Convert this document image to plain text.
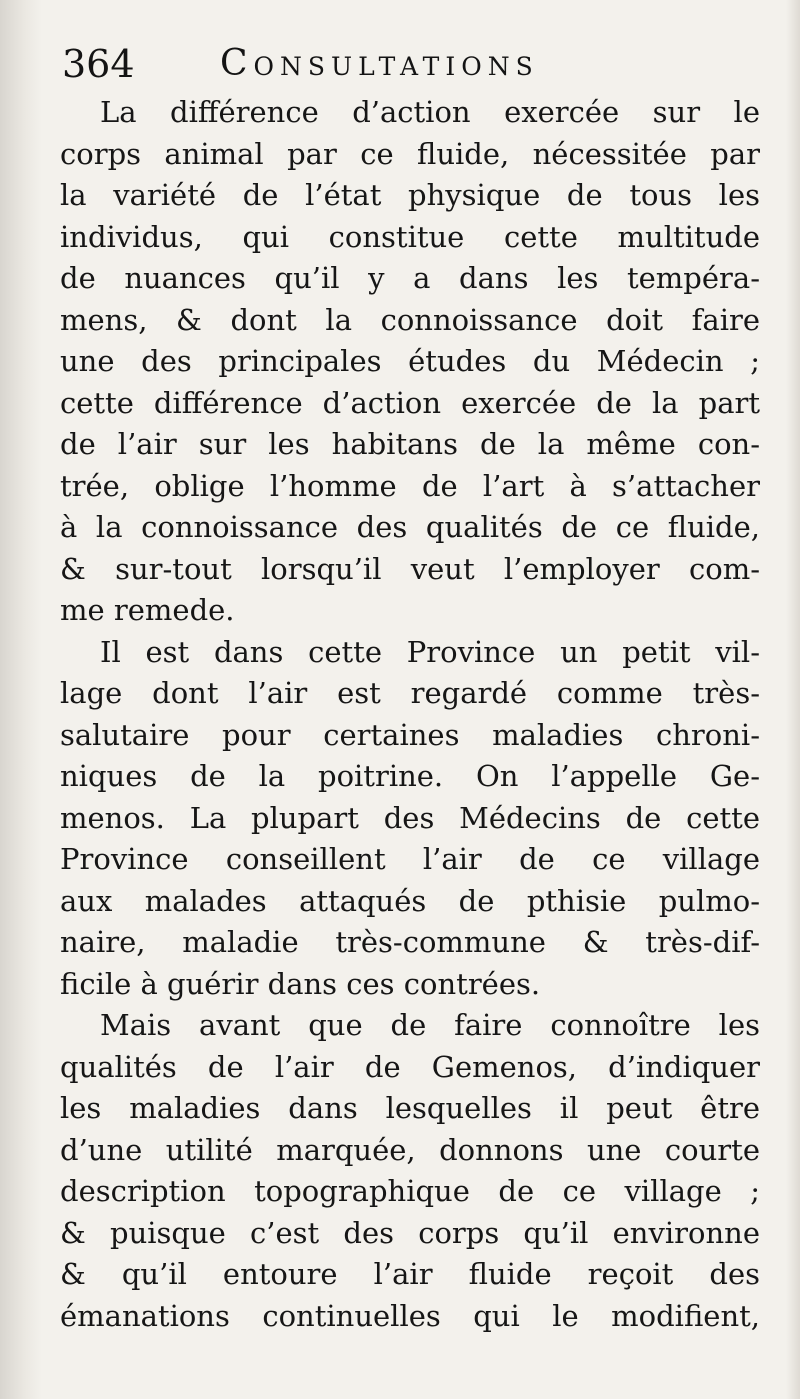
364 Consultations
La différence d’action exercée sur le
corps animal par ce fluide, nécessitée par
la variété de l’état physique de tous les
individus, qui constitue cette multitude
de nuances qu’il y a dans les tempéra-
mens, & dont la connoissance doit faire
une des principales études du Médecin ;
cette différence d’action exercée de la part
de l’air sur les habitans de la même con-
trée, oblige l’homme de l’art à s’attacher
à la connoissance des qualités de ce fluide,
& sur-tout lorsqu’il veut l’employer com-
me remede.
Il est dans cette Province un petit vil-
lage dont l’air est regardé comme très-
salutaire pour certaines maladies chroni-
niques de la poitrine. On l’appelle Ge-
menos. La plupart des Médecins de cette
Province conseillent l’air de ce village
aux malades attaqués de pthisie pulmo-
naire, maladie très-commune & très-dif-
ficile à guérir dans ces contrées.
Mais avant que de faire connoître les
qualités de l’air de Gemenos, d’indiquer
les maladies dans lesquelles il peut être
d’une utilité marquée, donnons une courte
description topographique de ce village ;
& puisque c’est des corps qu’il environne
& qu’il entoure l’air fluide reçoit des
émanations continuelles qui le modifient,
